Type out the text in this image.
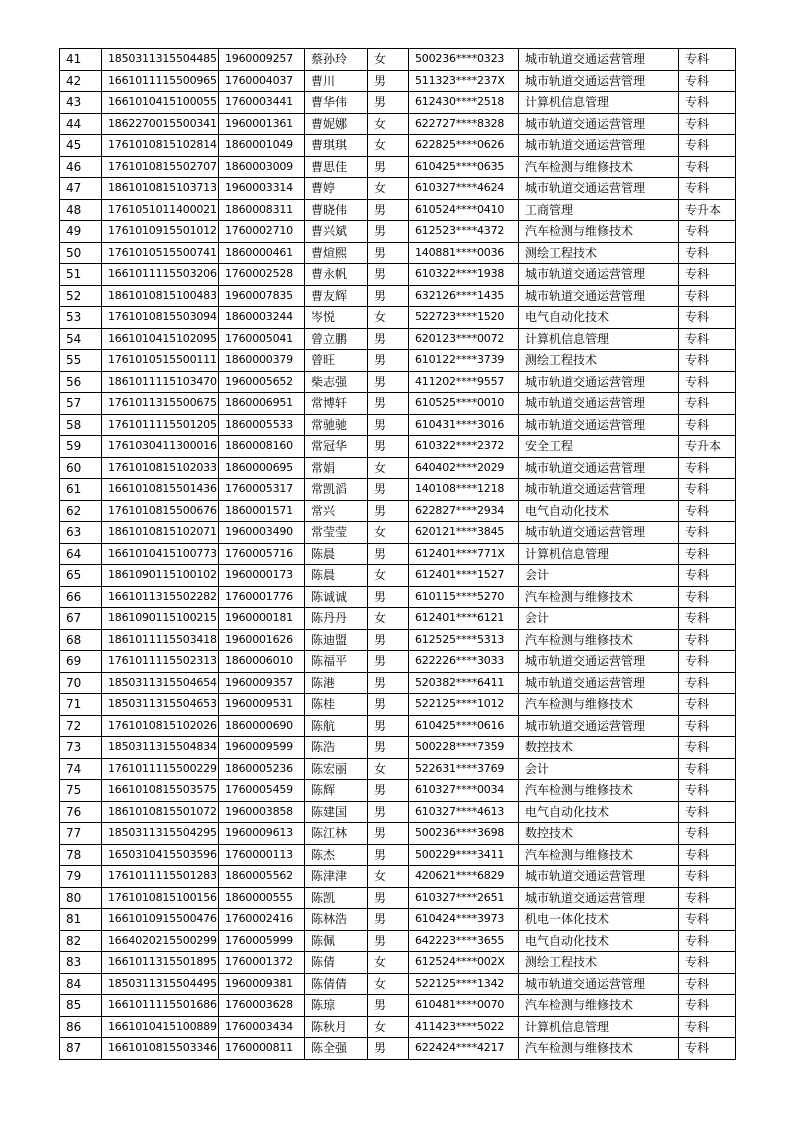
41	1850311315504485	1960009257	蔡孙玲	女	500236****0323	城市轨道交通运营管理	专科
42	1661011115500965	1760004037	曹川	男	511323****237X	城市轨道交通运营管理	专科
43	1661010415100055	1760003441	曹华伟	男	612430****2518	计算机信息管理	专科
44	1862270015500341	1960001361	曹妮娜	女	622727****8328	城市轨道交通运营管理	专科
45	1761010815102814	1860001049	曹琪琪	女	622825****0626	城市轨道交通运营管理	专科
46	1761010815502707	1860003009	曹思佳	男	610425****0635	汽车检测与维修技术	专科
47	1861010815103713	1960003314	曹婷	女	610327****4624	城市轨道交通运营管理	专科
48	1761051011400021	1860008311	曹晓伟	男	610524****0410	工商管理	专升本
49	1761010915501012	1760002710	曹兴斌	男	612523****4372	汽车检测与维修技术	专科
50	1761010515500741	1860000461	曹煊熙	男	140881****0036	测绘工程技术	专科
51	1661011115503206	1760002528	曹永帆	男	610322****1938	城市轨道交通运营管理	专科
52	1861010815100483	1960007835	曹友辉	男	632126****1435	城市轨道交通运营管理	专科
53	1761010815503094	1860003244	岑悦	女	522723****1520	电气自动化技术	专科
54	1661010415102095	1760005041	曾立鹏	男	620123****0072	计算机信息管理	专科
55	1761010515500111	1860000379	曾旺	男	610122****3739	测绘工程技术	专科
56	1861011115103470	1960005652	柴志强	男	411202****9557	城市轨道交通运营管理	专科
57	1761011315500675	1860006951	常博轩	男	610525****0010	城市轨道交通运营管理	专科
58	1761011115501205	1860005533	常驰驰	男	610431****3016	城市轨道交通运营管理	专科
59	1761030411300016	1860008160	常冠华	男	610322****2372	安全工程	专升本
60	1761010815102033	1860000695	常娟	女	640402****2029	城市轨道交通运营管理	专科
61	1661010815501436	1760005317	常凯滔	男	140108****1218	城市轨道交通运营管理	专科
62	1761010815500676	1860001571	常兴	男	622827****2934	电气自动化技术	专科
63	1861010815102071	1960003490	常莹莹	女	620121****3845	城市轨道交通运营管理	专科
64	1661010415100773	1760005716	陈晨	男	612401****771X	计算机信息管理	专科
65	1861090115100102	1960000173	陈晨	女	612401****1527	会计	专科
66	1661011315502282	1760001776	陈诚诚	男	610115****5270	汽车检测与维修技术	专科
67	1861090115100215	1960000181	陈丹丹	女	612401****6121	会计	专科
68	1861011115503418	1960001626	陈迪盟	男	612525****5313	汽车检测与维修技术	专科
69	1761011115502313	1860006010	陈福平	男	622226****3033	城市轨道交通运营管理	专科
70	1850311315504654	1960009357	陈港	男	520382****6411	城市轨道交通运营管理	专科
71	1850311315504653	1960009531	陈桂	男	522125****1012	汽车检测与维修技术	专科
72	1761010815102026	1860000690	陈航	男	610425****0616	城市轨道交通运营管理	专科
73	1850311315504834	1960009599	陈浩	男	500228****7359	数控技术	专科
74	1761011115500229	1860005236	陈宏丽	女	522631****3769	会计	专科
75	1661010815503575	1760005459	陈辉	男	610327****0034	汽车检测与维修技术	专科
76	1861010815501072	1960003858	陈建国	男	610327****4613	电气自动化技术	专科
77	1850311315504295	1960009613	陈江林	男	500236****3698	数控技术	专科
78	1650310415503596	1760000113	陈杰	男	500229****3411	汽车检测与维修技术	专科
79	1761011115501283	1860005562	陈津津	女	420621****6829	城市轨道交通运营管理	专科
80	1761010815100156	1860000555	陈凯	男	610327****2651	城市轨道交通运营管理	专科
81	1661010915500476	1760002416	陈林浩	男	610424****3973	机电一体化技术	专科
82	1664020215500299	1760005999	陈佩	男	642223****3655	电气自动化技术	专科
83	1661011315501895	1760001372	陈倩	女	612524****002X	测绘工程技术	专科
84	1850311315504495	1960009381	陈倩倩	女	522125****1342	城市轨道交通运营管理	专科
85	1661011115501686	1760003628	陈琼	男	610481****0070	汽车检测与维修技术	专科
86	1661010415100889	1760003434	陈秋月	女	411423****5022	计算机信息管理	专科
87	1661010815503346	1760000811	陈全强	男	622424****4217	汽车检测与维修技术	专科
